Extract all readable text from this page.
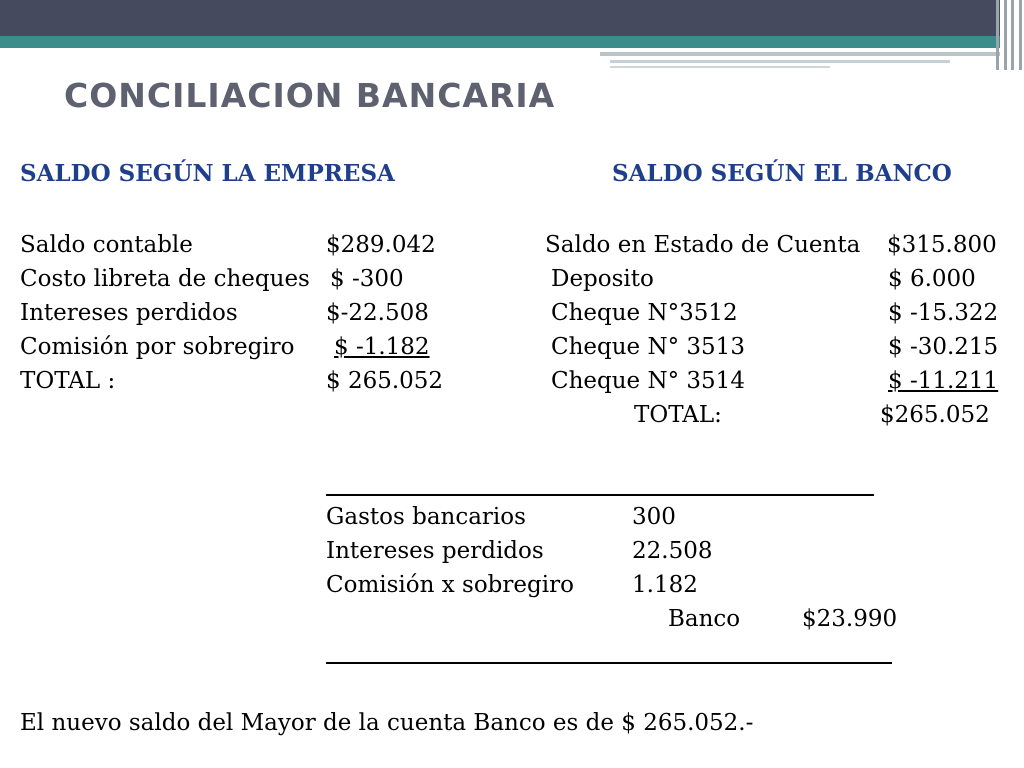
CONCILIACION BANCARIA
SALDO SEGÚN LA EMPRESA	SALDO SEGÚN EL BANCO
Saldo contable	$289.042
Costo libreta de cheques $ -300
Intereses perdidos	$-22.508
Comisión por sobregiro $ -1.182
TOTAL :	$ 265.052
Saldo en Estado de Cuenta $315.800
Deposito	$ 6.000
Cheque N°3512	$ -15.322
Cheque N° 3513	$ -30.215
Cheque N° 3514	$ -11.211
TOTAL:	$265.052
Gastos bancarios	300
Intereses perdidos	22.508
Comisión x sobregiro	1.182
Banco	$23.990
El nuevo saldo del Mayor de la cuenta Banco es de $ 265.052.-
